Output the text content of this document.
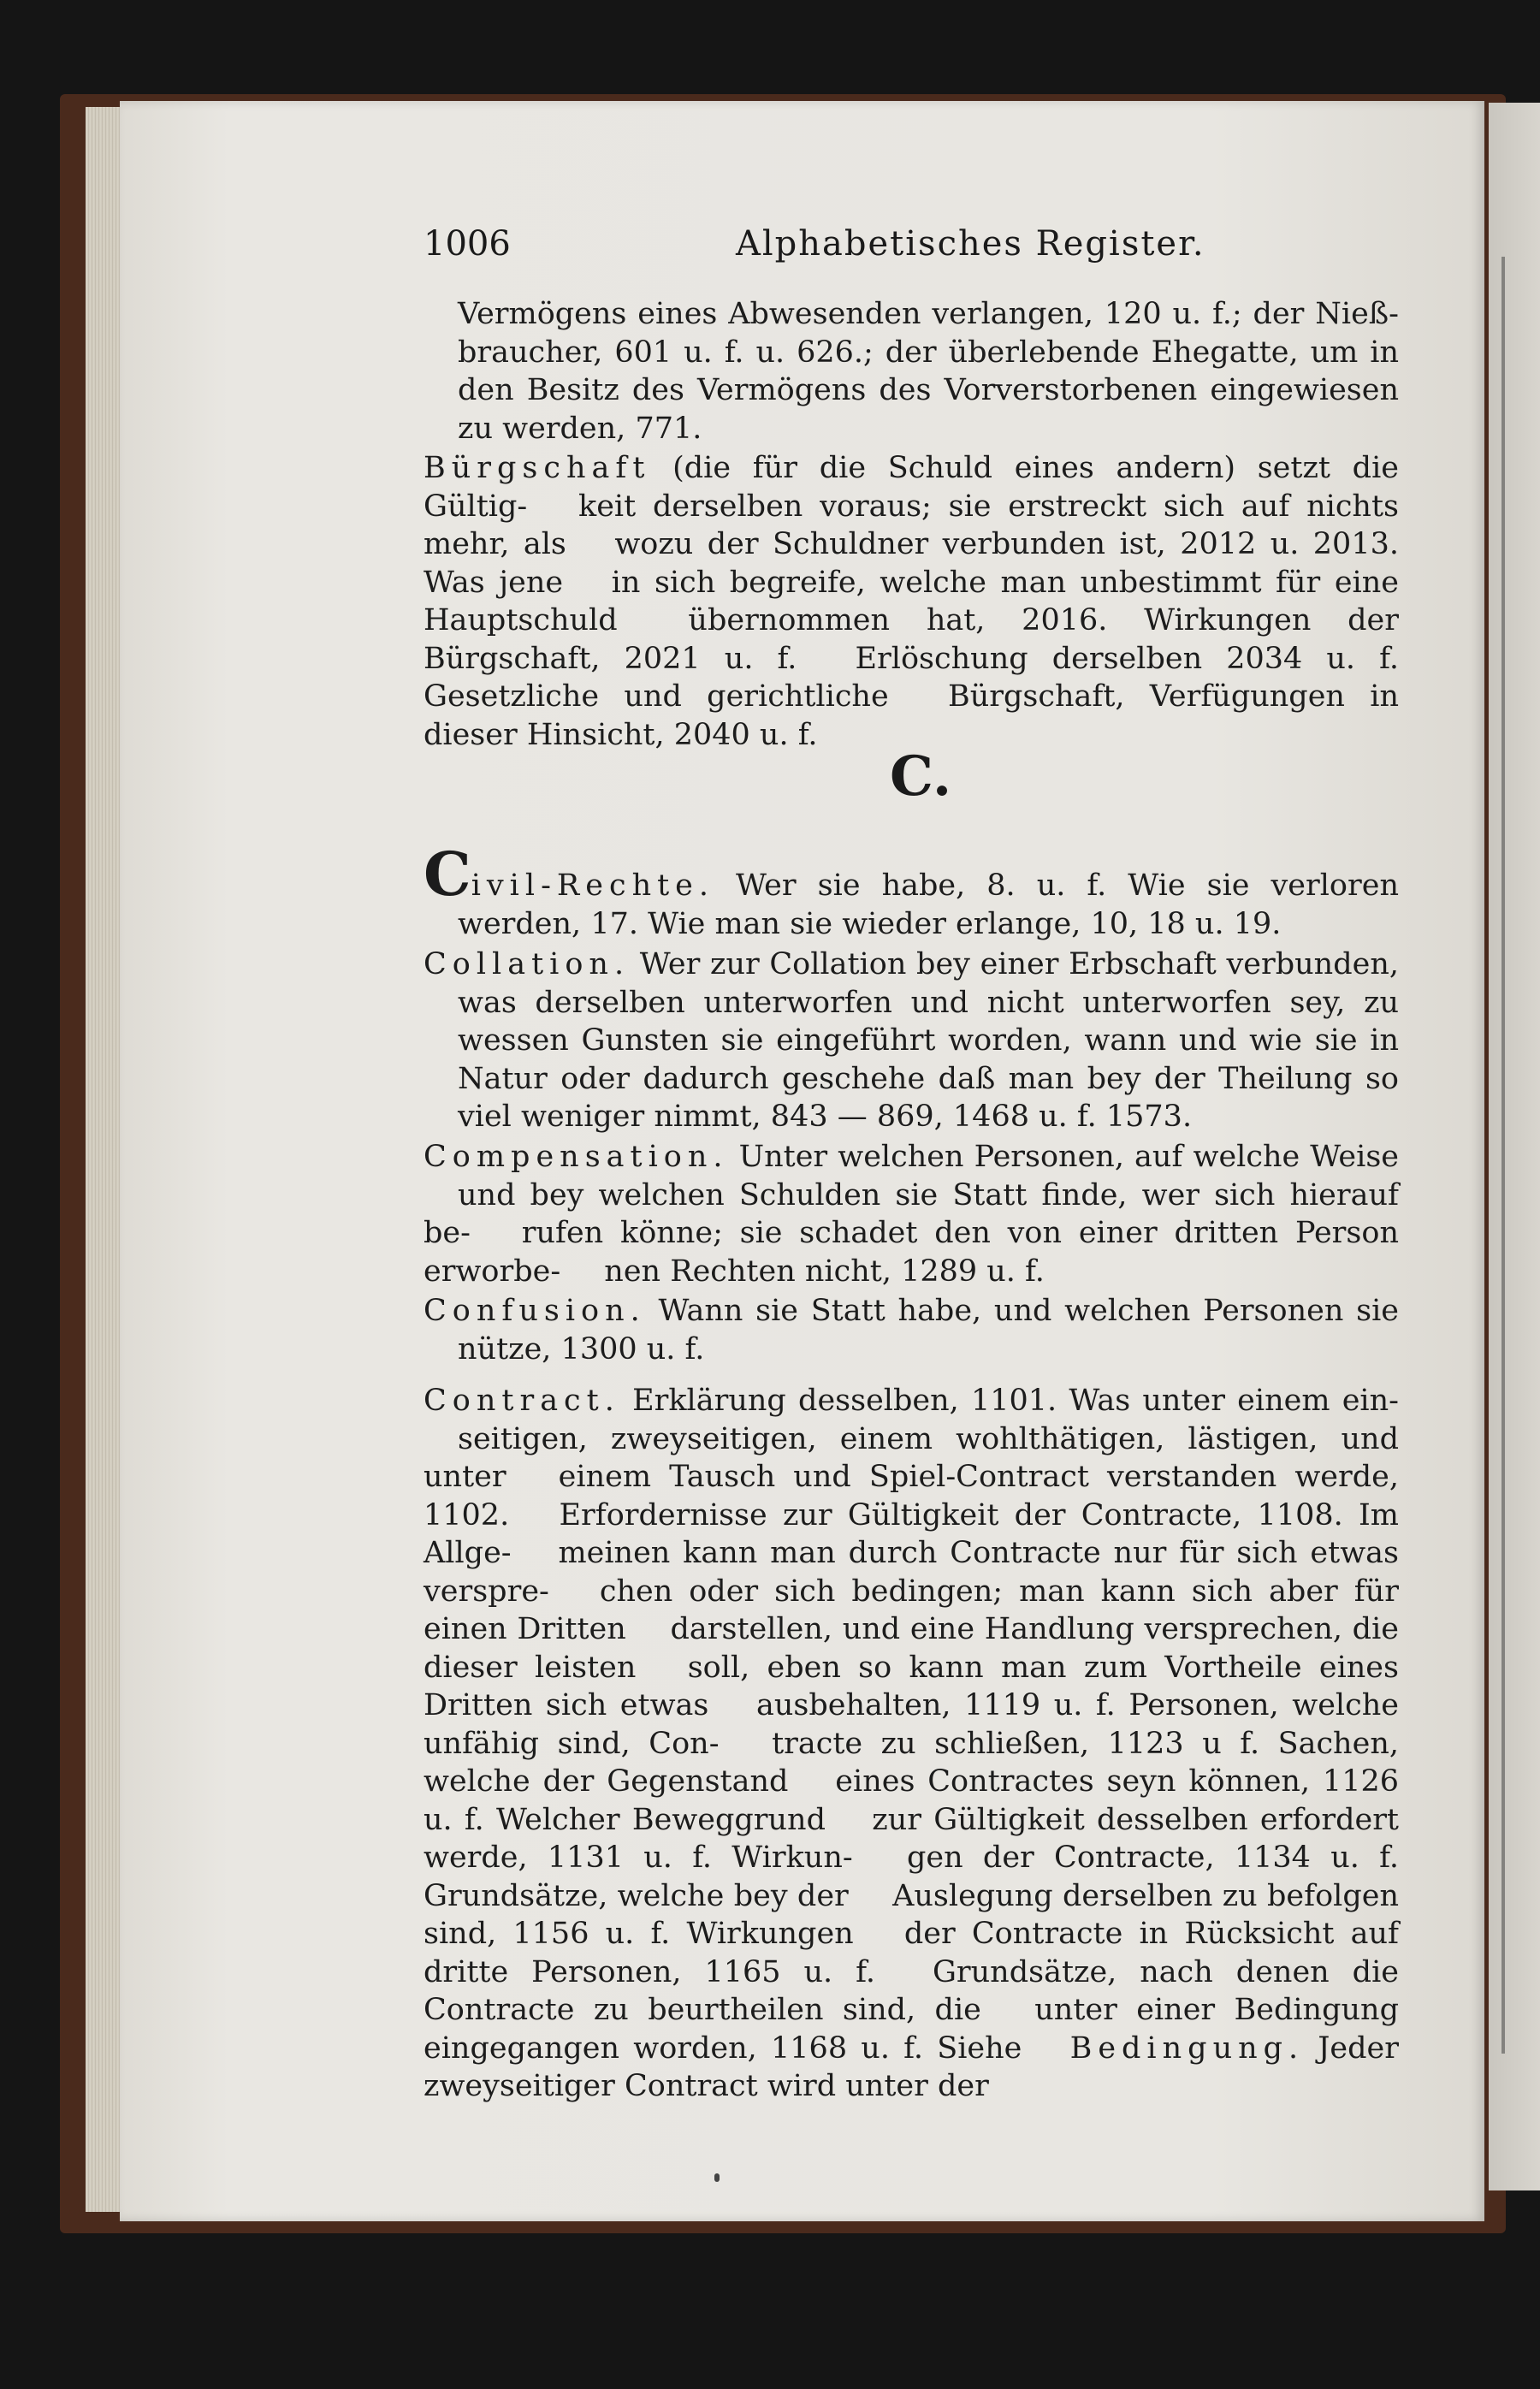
1006	Alphabetisches Register.
Vermögens eines Abwesenden verlangen, 120 u. f.; der Nieß- braucher, 601 u. f. u. 626.; der überlebende Ehegatte, um in den Besitz des Vermögens des Vorverstorbenen eingewiesen zu werden, 771.
Bürgschaft (die für die Schuld eines andern) setzt die Gültig- keit derselben voraus; sie erstreckt sich auf nichts mehr, als wozu der Schuldner verbunden ist, 2012 u. 2013. Was jene in sich begreife, welche man unbestimmt für eine Hauptschuld übernommen hat, 2016. Wirkungen der Bürgschaft, 2021 u. f. Erlöschung derselben 2034 u. f. Gesetzliche und gerichtliche Bürgschaft, Verfügungen in dieser Hinsicht, 2040 u. f.
C.
Civil-Rechte. Wer sie habe, 8. u. f. Wie sie verloren werden, 17. Wie man sie wieder erlange, 10, 18 u. 19.
Collation. Wer zur Collation bey einer Erbschaft verbunden, was derselben unterworfen und nicht unterworfen sey, zu wessen Gunsten sie eingeführt worden, wann und wie sie in Natur oder dadurch geschehe daß man bey der Theilung so viel weniger nimmt, 843 — 869, 1468 u. f. 1573.
Compensation. Unter welchen Personen, auf welche Weise und bey welchen Schulden sie Statt finde, wer sich hierauf be- rufen könne; sie schadet den von einer dritten Person erworbe- nen Rechten nicht, 1289 u. f.
Confusion. Wann sie Statt habe, und welchen Personen sie nütze, 1300 u. f.
Contract. Erklärung desselben, 1101. Was unter einem ein- seitigen, zweyseitigen, einem wohlthätigen, lästigen, und unter einem Tausch und Spiel-Contract verstanden werde, 1102. Erfordernisse zur Gültigkeit der Contracte, 1108. Im Allge- meinen kann man durch Contracte nur für sich etwas verspre- chen oder sich bedingen; man kann sich aber für einen Dritten darstellen, und eine Handlung versprechen, die dieser leisten soll, eben so kann man zum Vortheile eines Dritten sich etwas ausbehalten, 1119 u. f. Personen, welche unfähig sind, Con- tracte zu schließen, 1123 u f. Sachen, welche der Gegenstand eines Contractes seyn können, 1126 u. f. Welcher Beweggrund zur Gültigkeit desselben erfordert werde, 1131 u. f. Wirkun- gen der Contracte, 1134 u. f. Grundsätze, welche bey der Auslegung derselben zu befolgen sind, 1156 u. f. Wirkungen der Contracte in Rücksicht auf dritte Personen, 1165 u. f. Grundsätze, nach denen die Contracte zu beurtheilen sind, die unter einer Bedingung eingegangen worden, 1168 u. f. Siehe Bedingung. Jeder zweyseitiger Contract wird unter der
